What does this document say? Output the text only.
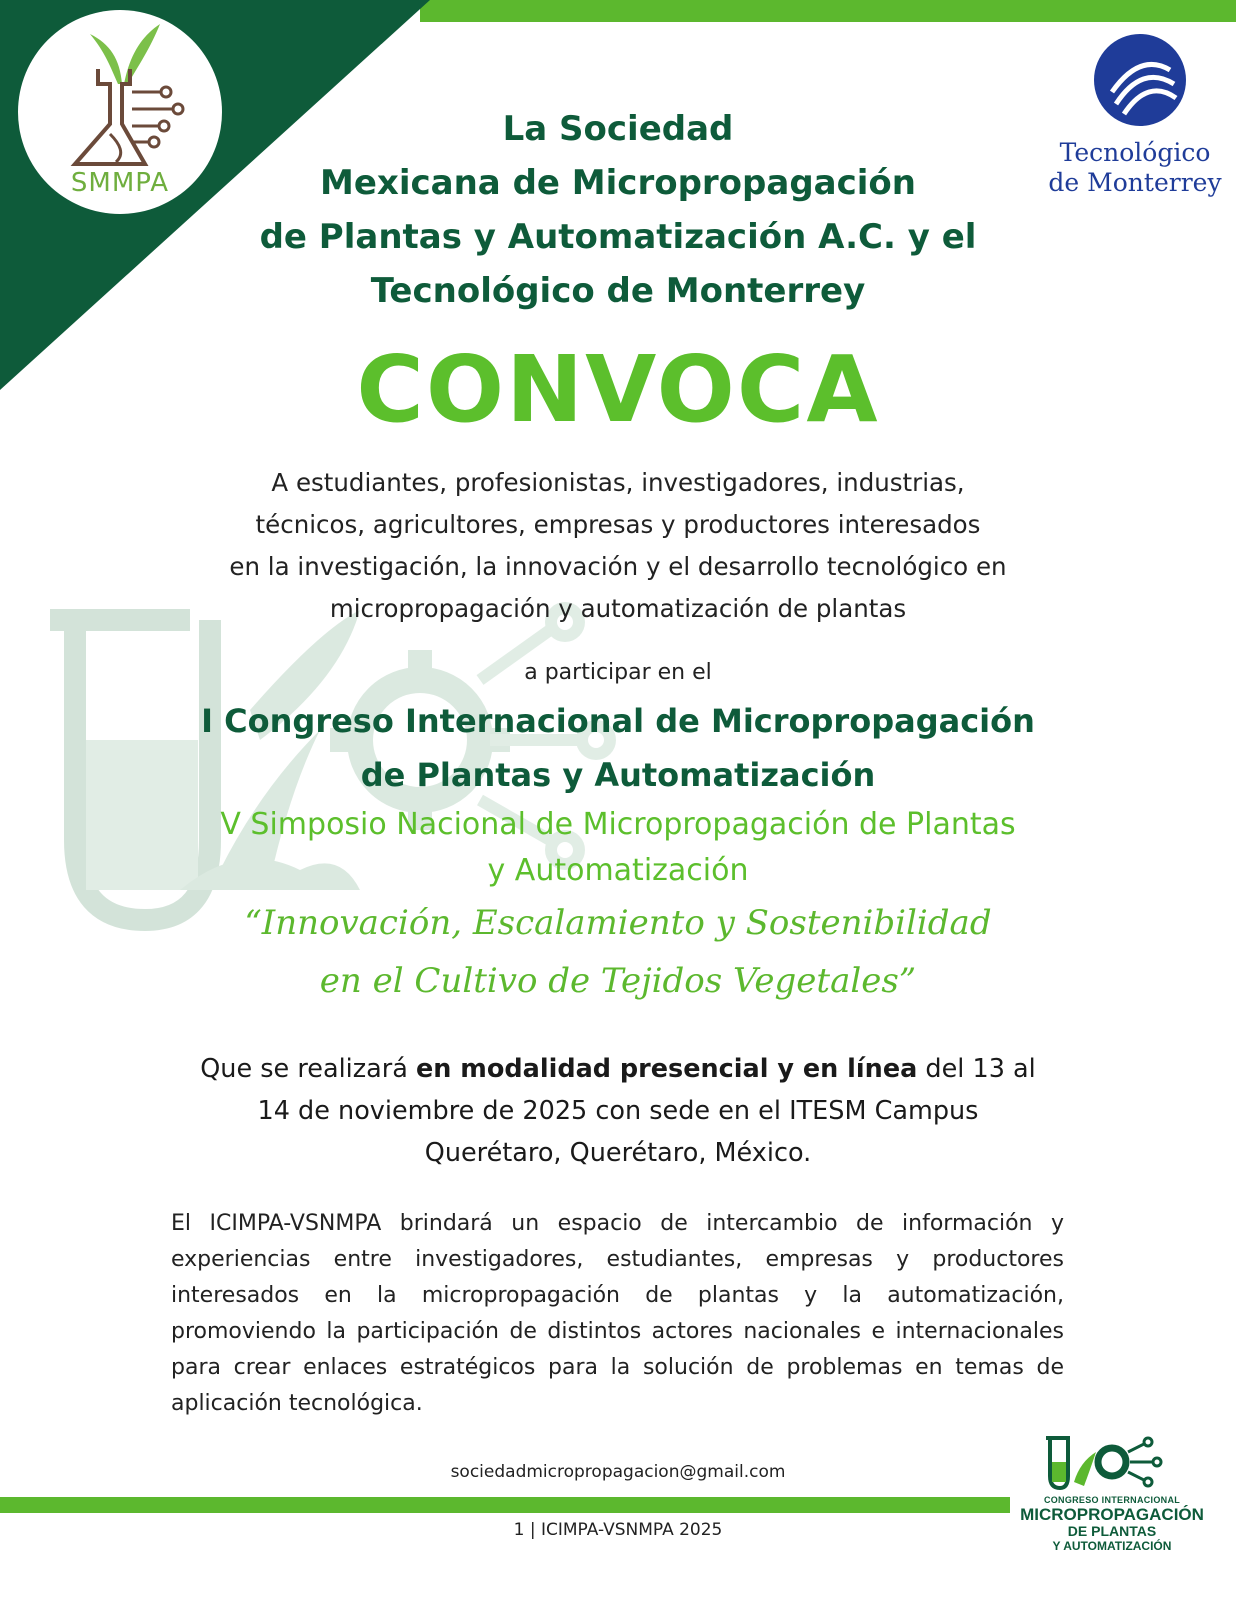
SMMPA
Tecnológico
de Monterrey
La Sociedad
Mexicana de Micropropagación
de Plantas y Automatización A.C. y el
Tecnológico de Monterrey
CONVOCA
A estudiantes, profesionistas, investigadores, industrias,
técnicos, agricultores, empresas y productores interesados
en la investigación, la innovación y el desarrollo tecnológico en
micropropagación y automatización de plantas
a participar en el
I Congreso Internacional de Micropropagación
de Plantas y Automatización
V Simposio Nacional de Micropropagación de Plantas
y Automatización
“Innovación, Escalamiento y Sostenibilidad
en el Cultivo de Tejidos Vegetales”
Que se realizará en modalidad presencial y en línea del 13 al
14 de noviembre de 2025 con sede en el ITESM Campus
Querétaro, Querétaro, México.
El ICIMPA-VSNMPA brindará un espacio de intercambio de información y experiencias entre investigadores, estudiantes, empresas y productores interesados en la micropropagación de plantas y la automatización, promoviendo la participación de distintos actores nacionales e internacionales para crear enlaces estratégicos para la solución de problemas en temas de aplicación tecnológica.
sociedadmicropropagacion@gmail.com
1 | ICIMPA-VSNMPA 2025
CONGRESO INTERNACIONAL
MICROPROPAGACIÓN
DE PLANTAS
Y AUTOMATIZACIÓN
